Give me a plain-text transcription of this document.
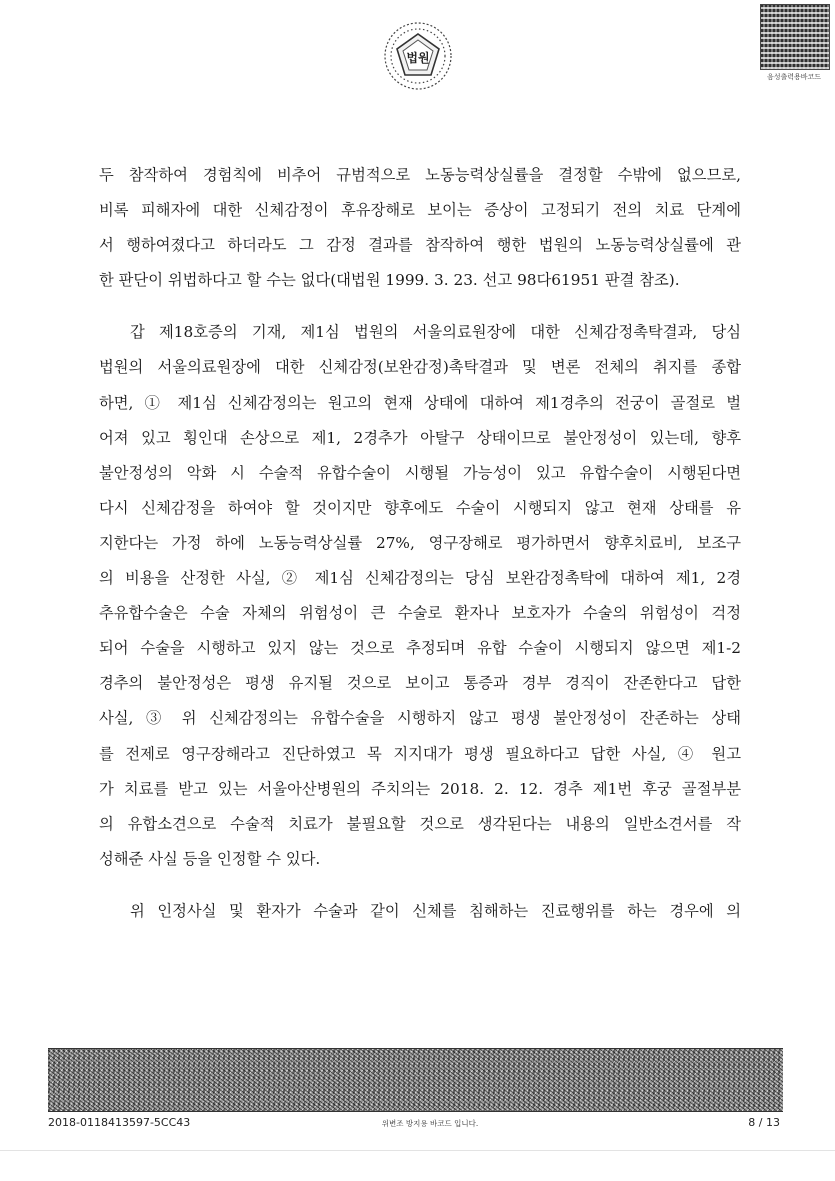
법원
음성출력용바코드

두 참작하여 경험칙에 비추어 규범적으로 노동능력상실률을 결정할 수밖에 없으므로,

비록 피해자에 대한 신체감정이 후유장해로 보이는 증상이 고정되기 전의 치료 단계에

서 행하여졌다고 하더라도 그 감정 결과를 참작하여 행한 법원의 노동능력상실률에 관

한 판단이 위법하다고 할 수는 없다(대법원 1999. 3. 23. 선고 98다61951 판결 참조).

갑 제18호증의 기재, 제1심 법원의 서울의료원장에 대한 신체감정촉탁결과, 당심

법원의 서울의료원장에 대한 신체감정(보완감정)촉탁결과 및 변론 전체의 취지를 종합

하면, ① 제1심 신체감정의는 원고의 현재 상태에 대하여 제1경추의 전궁이 골절로 벌

어져 있고 횡인대 손상으로 제1, 2경추가 아탈구 상태이므로 불안정성이 있는데, 향후

불안정성의 악화 시 수술적 유합수술이 시행될 가능성이 있고 유합수술이 시행된다면

다시 신체감정을 하여야 할 것이지만 향후에도 수술이 시행되지 않고 현재 상태를 유

지한다는 가정 하에 노동능력상실률 27%, 영구장해로 평가하면서 향후치료비, 보조구

의 비용을 산정한 사실, ② 제1심 신체감정의는 당심 보완감정촉탁에 대하여 제1, 2경

추유합수술은 수술 자체의 위험성이 큰 수술로 환자나 보호자가 수술의 위험성이 걱정

되어 수술을 시행하고 있지 않는 것으로 추정되며 유합 수술이 시행되지 않으면 제1-2

경추의 불안정성은 평생 유지될 것으로 보이고 통증과 경부 경직이 잔존한다고 답한

사실, ③ 위 신체감정의는 유합수술을 시행하지 않고 평생 불안정성이 잔존하는 상태

를 전제로 영구장해라고 진단하였고 목 지지대가 평생 필요하다고 답한 사실, ④ 원고

가 치료를 받고 있는 서울아산병원의 주치의는 2018. 2. 12. 경추 제1번 후궁 골절부분

의 유합소견으로 수술적 치료가 불필요할 것으로 생각된다는 내용의 일반소견서를 작

성해준 사실 등을 인정할 수 있다.

위 인정사실 및 환자가 수술과 같이 신체를 침해하는 진료행위를 하는 경우에 의

2018-0118413597-5CC43	위변조 방지용 바코드 입니다.	8 / 13
